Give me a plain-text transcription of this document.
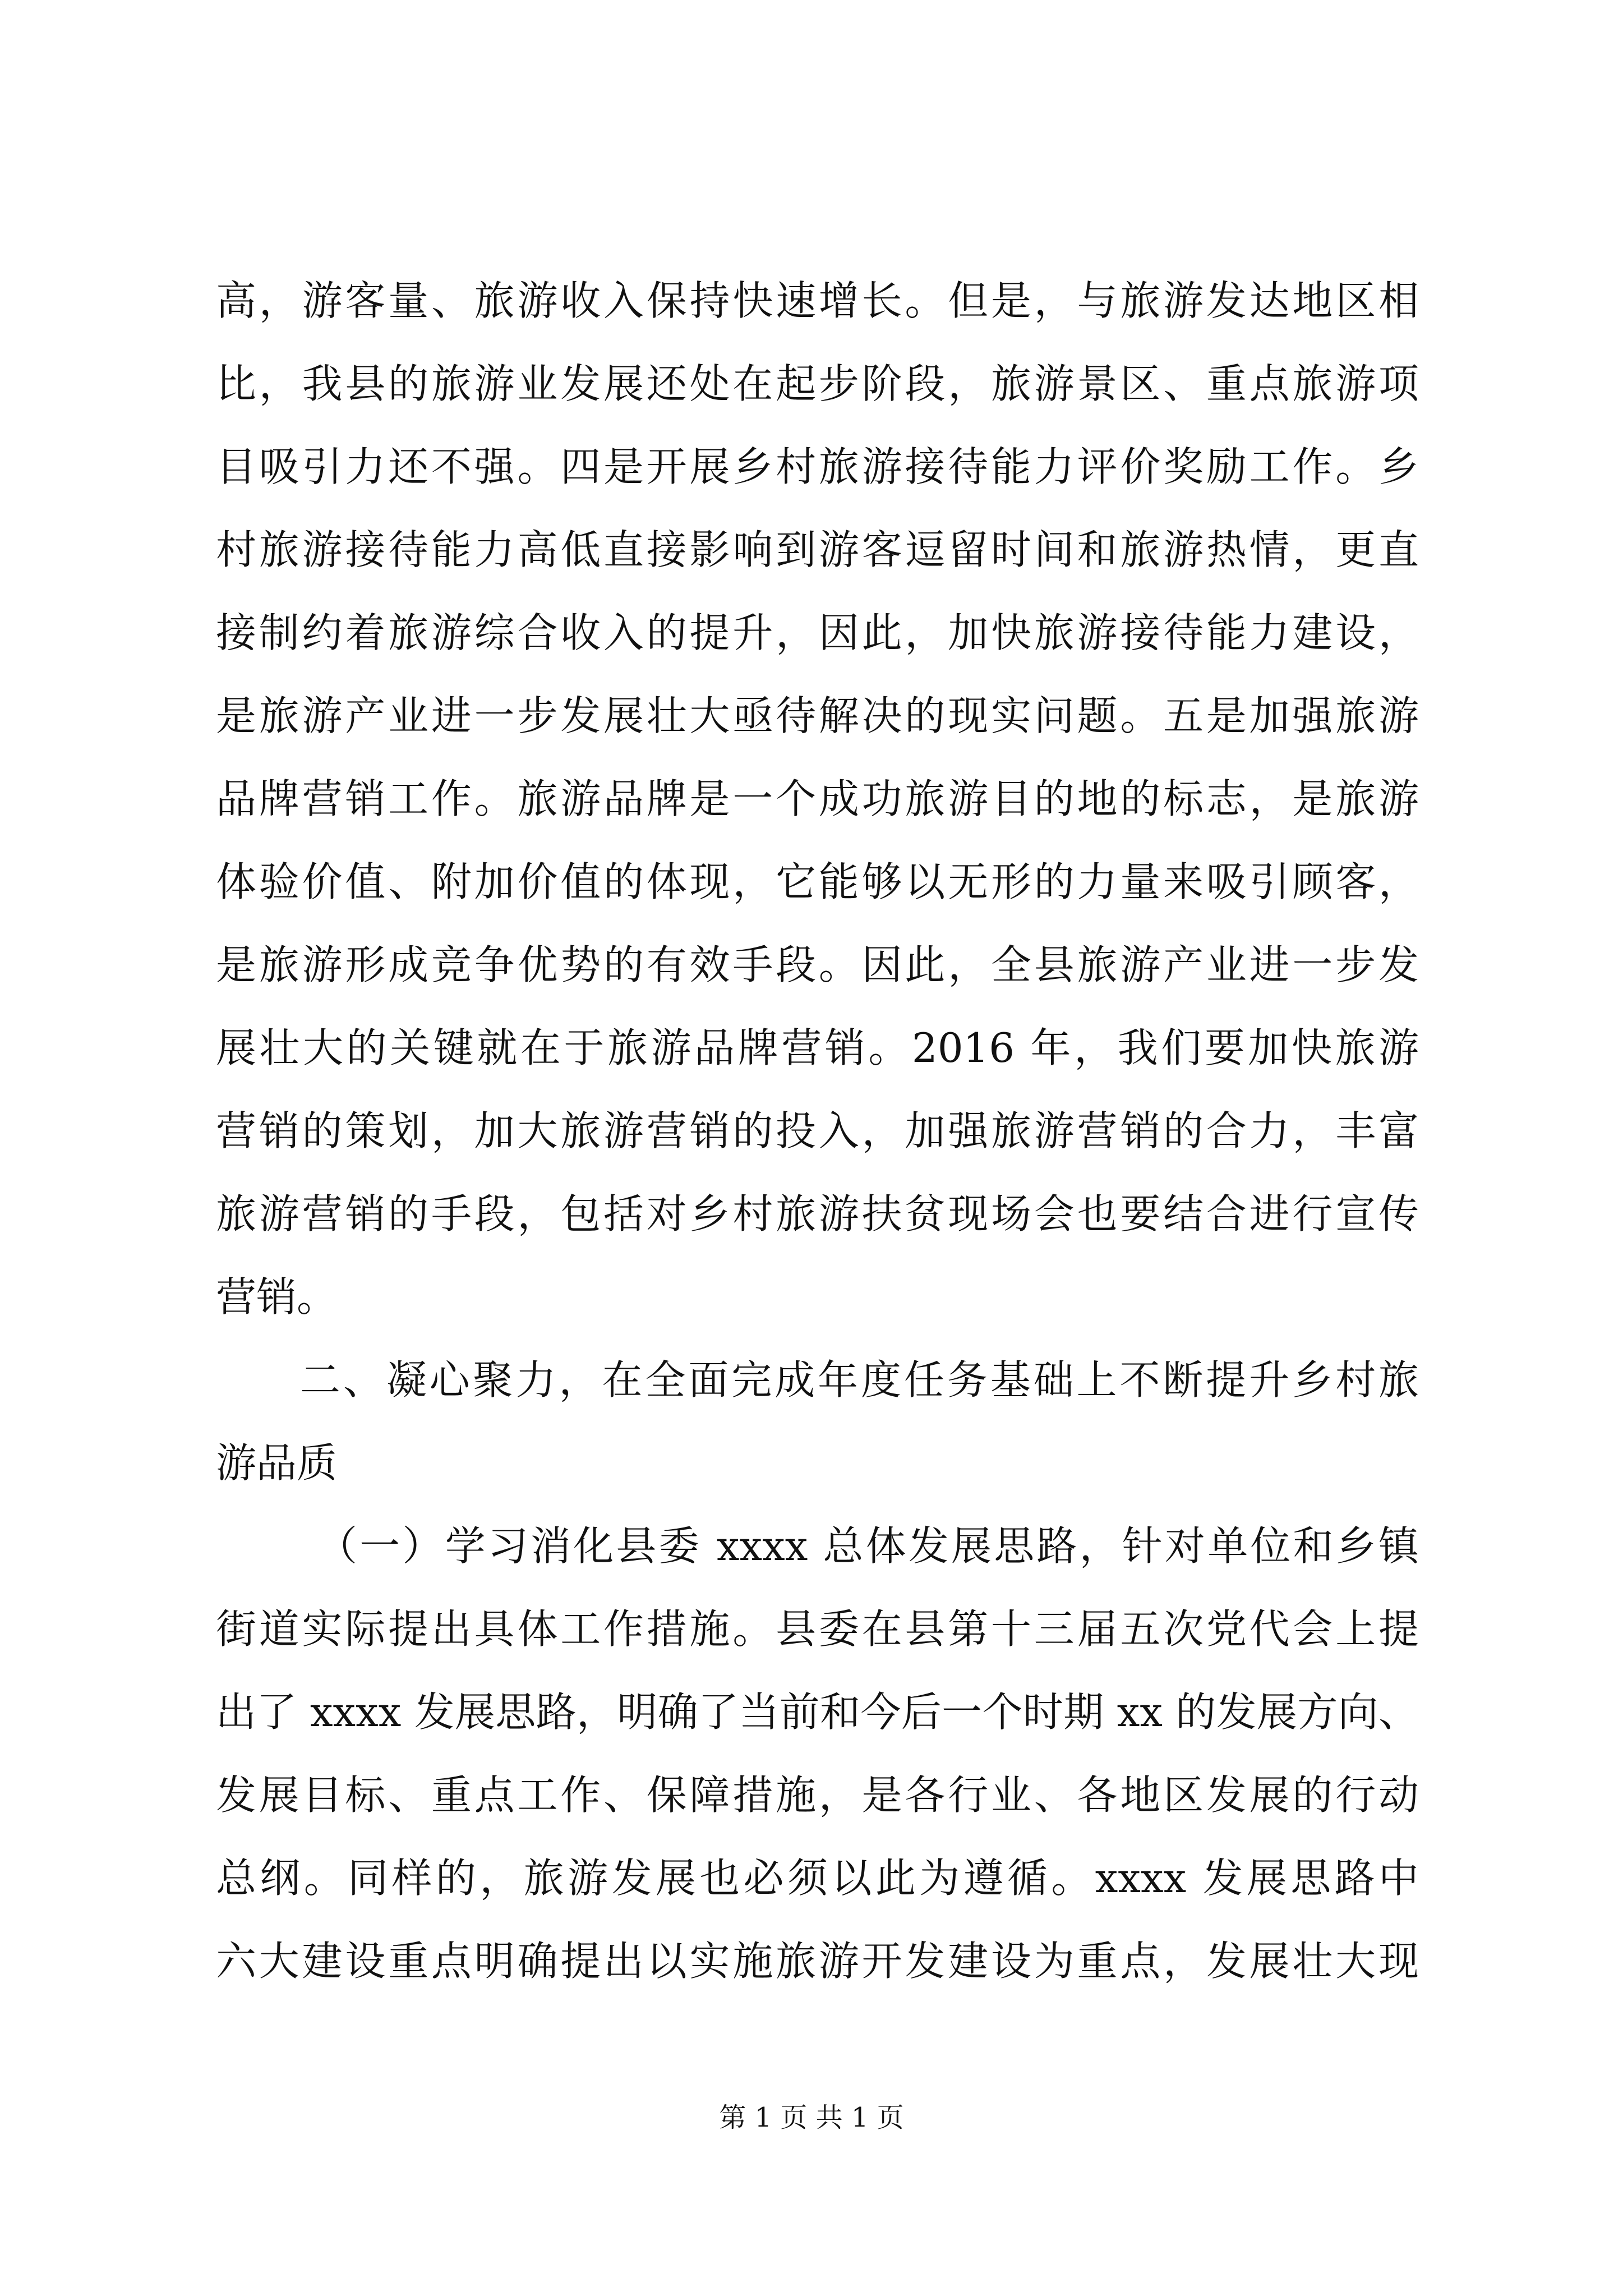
高，游客量、旅游收入保持快速增长。但是，与旅游发达地区相
比，我县的旅游业发展还处在起步阶段，旅游景区、重点旅游项
目吸引力还不强。四是开展乡村旅游接待能力评价奖励工作。乡
村旅游接待能力高低直接影响到游客逗留时间和旅游热情，更直
接制约着旅游综合收入的提升，因此，加快旅游接待能力建设，
是旅游产业进一步发展壮大亟待解决的现实问题。五是加强旅游
品牌营销工作。旅游品牌是一个成功旅游目的地的标志，是旅游
体验价值、附加价值的体现，它能够以无形的力量来吸引顾客，
是旅游形成竞争优势的有效手段。因此，全县旅游产业进一步发
展壮大的关键就在于旅游品牌营销。2016 年，我们要加快旅游
营销的策划，加大旅游营销的投入，加强旅游营销的合力，丰富
旅游营销的手段，包括对乡村旅游扶贫现场会也要结合进行宣传
营销。
二、凝心聚力，在全面完成年度任务基础上不断提升乡村旅
游品质
（一）学习消化县委 xxxx 总体发展思路，针对单位和乡镇
街道实际提出具体工作措施。县委在县第十三届五次党代会上提
出了 xxxx 发展思路，明确了当前和今后一个时期 xx 的发展方向、
发展目标、重点工作、保障措施，是各行业、各地区发展的行动
总纲。同样的，旅游发展也必须以此为遵循。xxxx 发展思路中
六大建设重点明确提出以实施旅游开发建设为重点，发展壮大现
第 1 页 共 1 页
